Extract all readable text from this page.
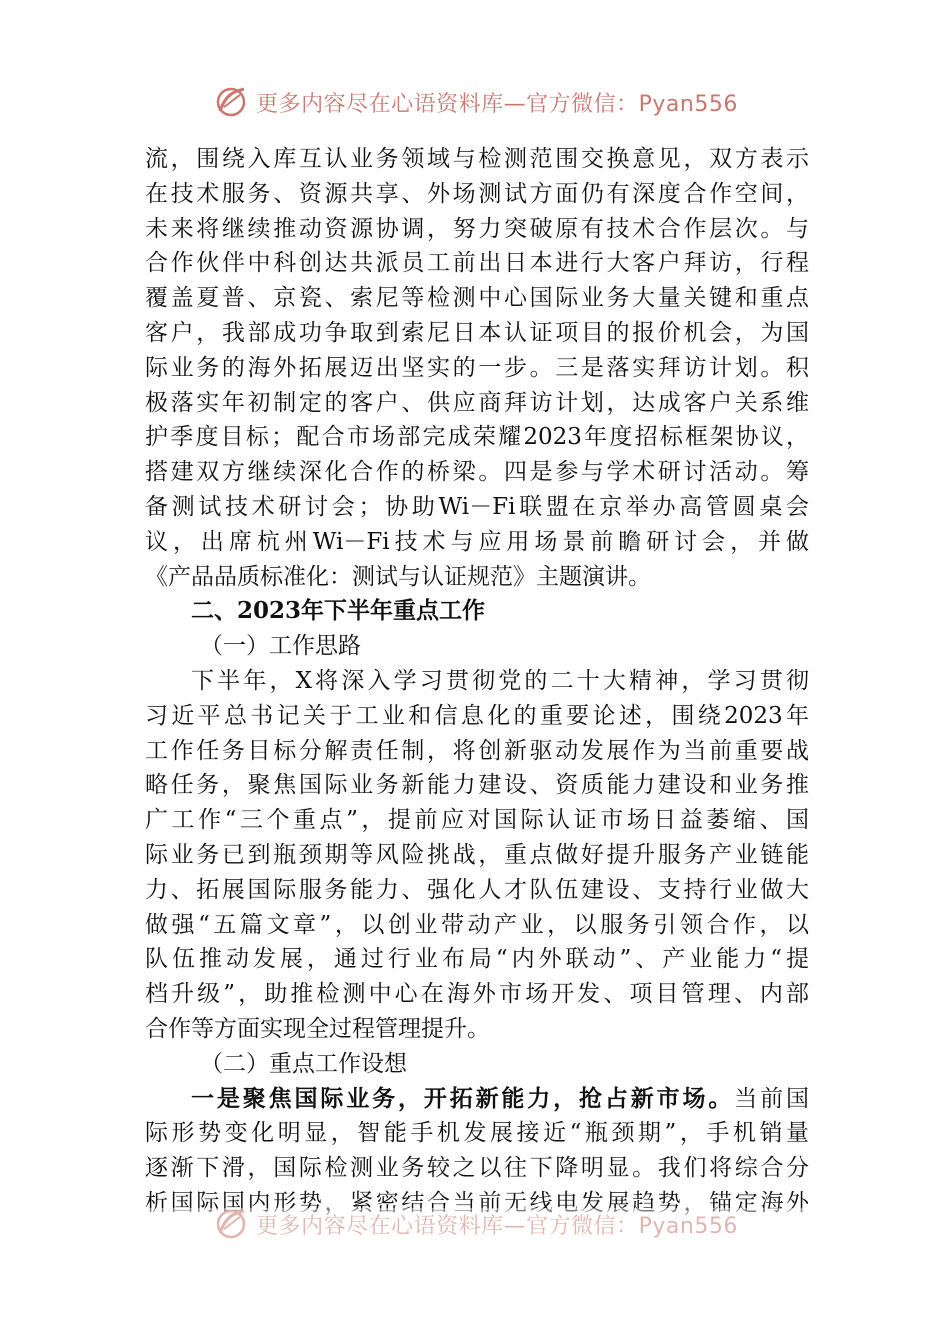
更多内容尽在心语资料库—官方微信：Pyan556

流，围绕入库互认业务领域与检测范围交换意见，双方表示

在技术服务、资源共享、外场测试方面仍有深度合作空间，

未来将继续推动资源协调，努力突破原有技术合作层次。与

合作伙伴中科创达共派员工前出日本进行大客户拜访，行程

覆盖夏普、京瓷、索尼等检测中心国际业务大量关键和重点

客户，我部成功争取到索尼日本认证项目的报价机会，为国

际业务的海外拓展迈出坚实的一步。三是落实拜访计划。积

极落实年初制定的客户、供应商拜访计划，达成客户关系维

护季度目标；配合市场部完成荣耀2023年度招标框架协议，

搭建双方继续深化合作的桥梁。四是参与学术研讨活动。筹

备测试技术研讨会；协助Wi－Fi联盟在京举办高管圆桌会

议，出席杭州Wi－Fi技术与应用场景前瞻研讨会，并做

《产品品质标准化：测试与认证规范》主题演讲。

二、2023年下半年重点工作

（一）工作思路

下半年，X将深入学习贯彻党的二十大精神，学习贯彻

习近平总书记关于工业和信息化的重要论述，围绕2023年

工作任务目标分解责任制，将创新驱动发展作为当前重要战

略任务，聚焦国际业务新能力建设、资质能力建设和业务推

广工作“三个重点”，提前应对国际认证市场日益萎缩、国

际业务已到瓶颈期等风险挑战，重点做好提升服务产业链能

力、拓展国际服务能力、强化人才队伍建设、支持行业做大

做强“五篇文章”，以创业带动产业，以服务引领合作，以

队伍推动发展，通过行业布局“内外联动”、产业能力“提

档升级”，助推检测中心在海外市场开发、项目管理、内部

合作等方面实现全过程管理提升。

（二）重点工作设想

一是聚焦国际业务，开拓新能力，抢占新市场。当前国

际形势变化明显，智能手机发展接近“瓶颈期”，手机销量

逐渐下滑，国际检测业务较之以往下降明显。我们将综合分

析国际国内形势，紧密结合当前无线电发展趋势，锚定海外

更多内容尽在心语资料库—官方微信：Pyan556
